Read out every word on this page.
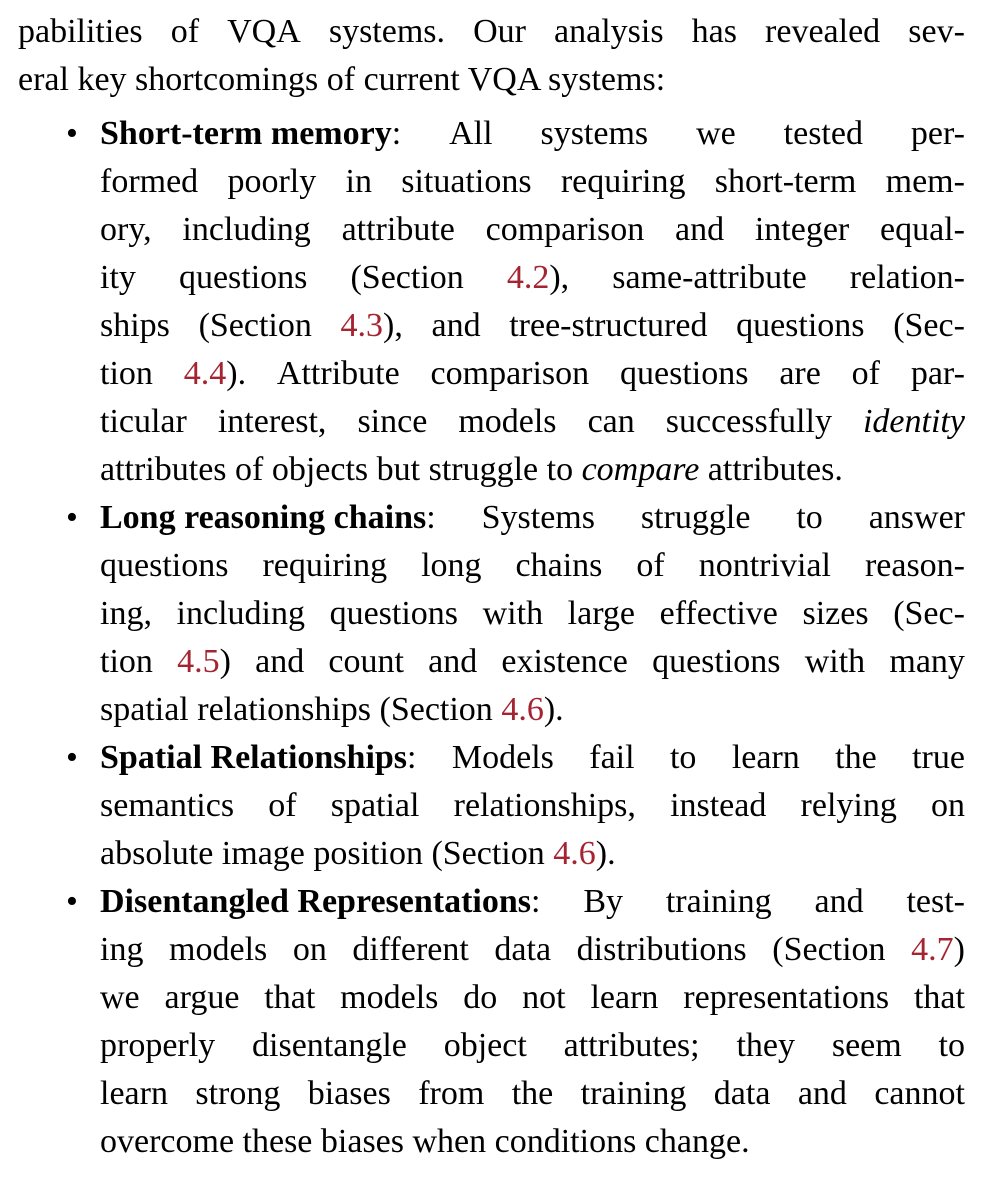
pabilities of VQA systems. Our analysis has revealed sev-
eral key shortcomings of current VQA systems:
• Short-term memory: All systems we tested per-
formed poorly in situations requiring short-term mem-
ory, including attribute comparison and integer equal-
ity questions (Section 4.2), same-attribute relation-
ships (Section 4.3), and tree-structured questions (Sec-
tion 4.4). Attribute comparison questions are of par-
ticular interest, since models can successfully identity
attributes of objects but struggle to compare attributes.
• Long reasoning chains: Systems struggle to answer
questions requiring long chains of nontrivial reason-
ing, including questions with large effective sizes (Sec-
tion 4.5) and count and existence questions with many
spatial relationships (Section 4.6).
• Spatial Relationships: Models fail to learn the true
semantics of spatial relationships, instead relying on
absolute image position (Section 4.6).
• Disentangled Representations: By training and test-
ing models on different data distributions (Section 4.7)
we argue that models do not learn representations that
properly disentangle object attributes; they seem to
learn strong biases from the training data and cannot
overcome these biases when conditions change.
